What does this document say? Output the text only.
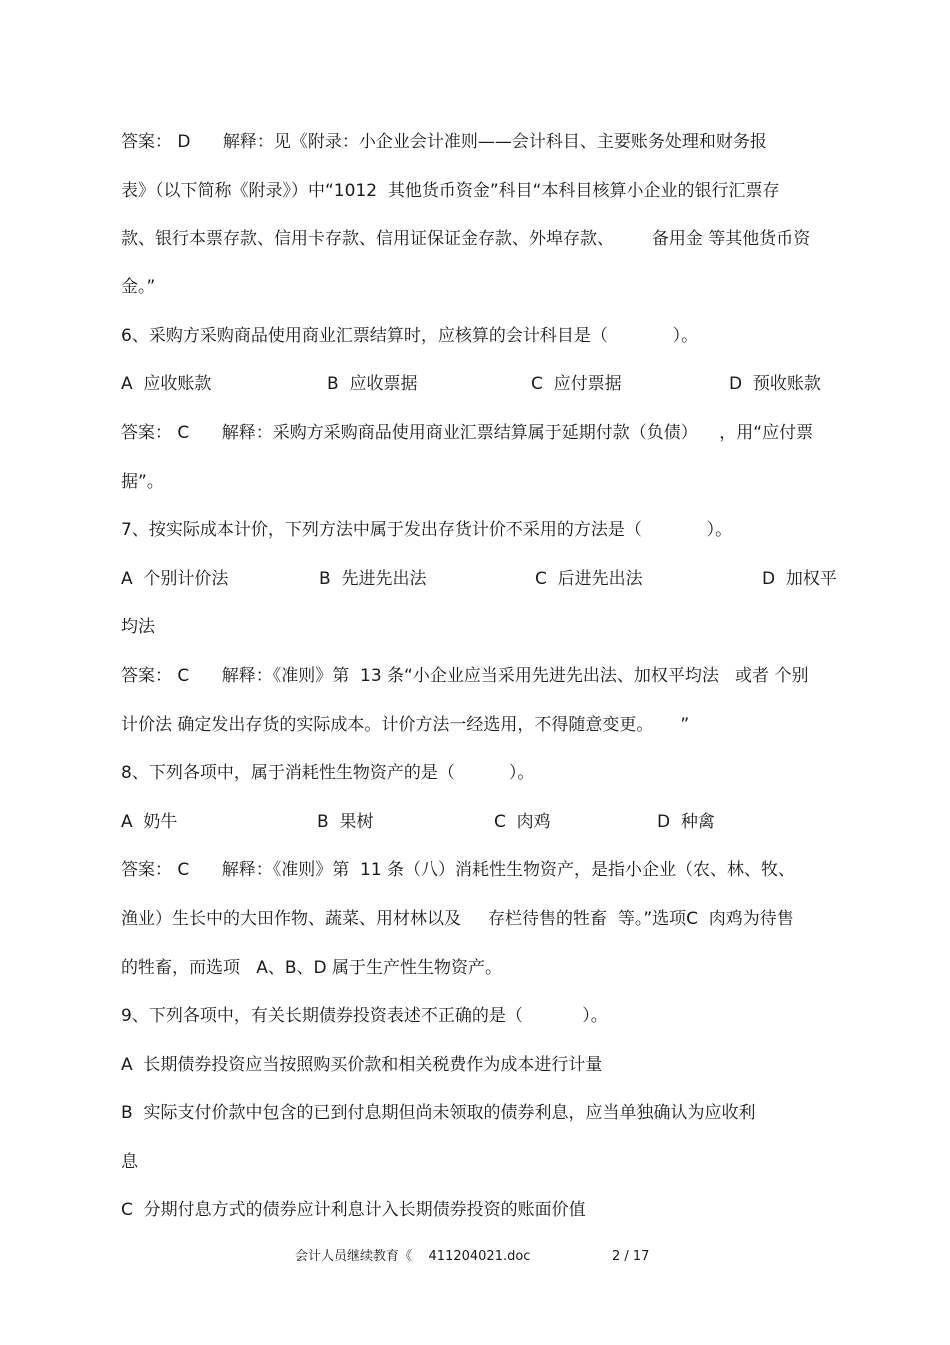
答案： D      解释：见《附录：小企业会计准则——会计科目、主要账务处理和财务报
表》（以下简称《附录》）中“1012  其他货币资金”科目“本科目核算小企业的银行汇票存
款、银行本票存款、信用卡存款、信用证保证金存款、外埠存款、       备用金 等其他货币资
金。”
6、采购方采购商品使用商业汇票结算时，应核算的会计科目是（            ）。
A  应收账款	B  应收票据	C  应付票据	D  预收账款
答案： C      解释：采购方采购商品使用商业汇票结算属于延期付款（负债）    ，用“应付票
据”。
7、按实际成本计价，下列方法中属于发出存货计价不采用的方法是（            ）。
A  个别计价法	B  先进先出法	C  后进先出法	D  加权平
均法
答案： C      解释：《准则》第  13 条“小企业应当采用先进先出法、加权平均法   或者 个别
计价法 确定发出存货的实际成本。计价方法一经选用，不得随意变更。     ”
8、下列各项中，属于消耗性生物资产的是（          ）。
A  奶牛	B  果树	C  肉鸡	D  种禽
答案： C      解释：《准则》第  11 条（八）消耗性生物资产，是指小企业（农、林、牧、
渔业）生长中的大田作物、蔬菜、用材林以及     存栏待售的牲畜  等。”选项C  肉鸡为待售
的牲畜，而选项   A、B、D 属于生产性生物资产。
9、下列各项中，有关长期债券投资表述不正确的是（           ）。
A  长期债券投资应当按照购买价款和相关税费作为成本进行计量
B  实际支付价款中包含的已到付息期但尚未领取的债券利息，应当单独确认为应收利
息
C  分期付息方式的债券应计利息计入长期债券投资的账面价值
会计人员继续教育《    411204021.doc	2 / 17
